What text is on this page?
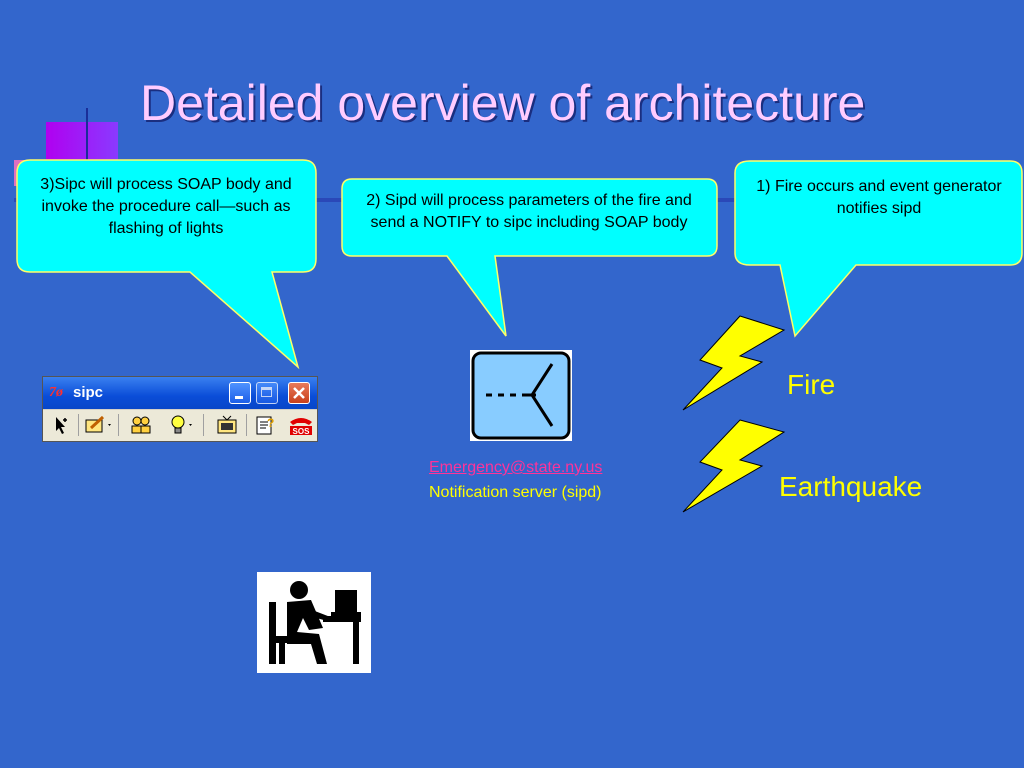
Detailed overview of architecture
3)Sipc will process SOAP body and invoke the procedure call—such as flashing of lights
2) Sipd will process parameters of the fire and send a NOTIFY to sipc including SOAP body
1) Fire occurs and event generator notifies sipd
7ø sipc
?
SOS
Emergency@state.ny.us
Notification server (sipd)
Fire
Earthquake
